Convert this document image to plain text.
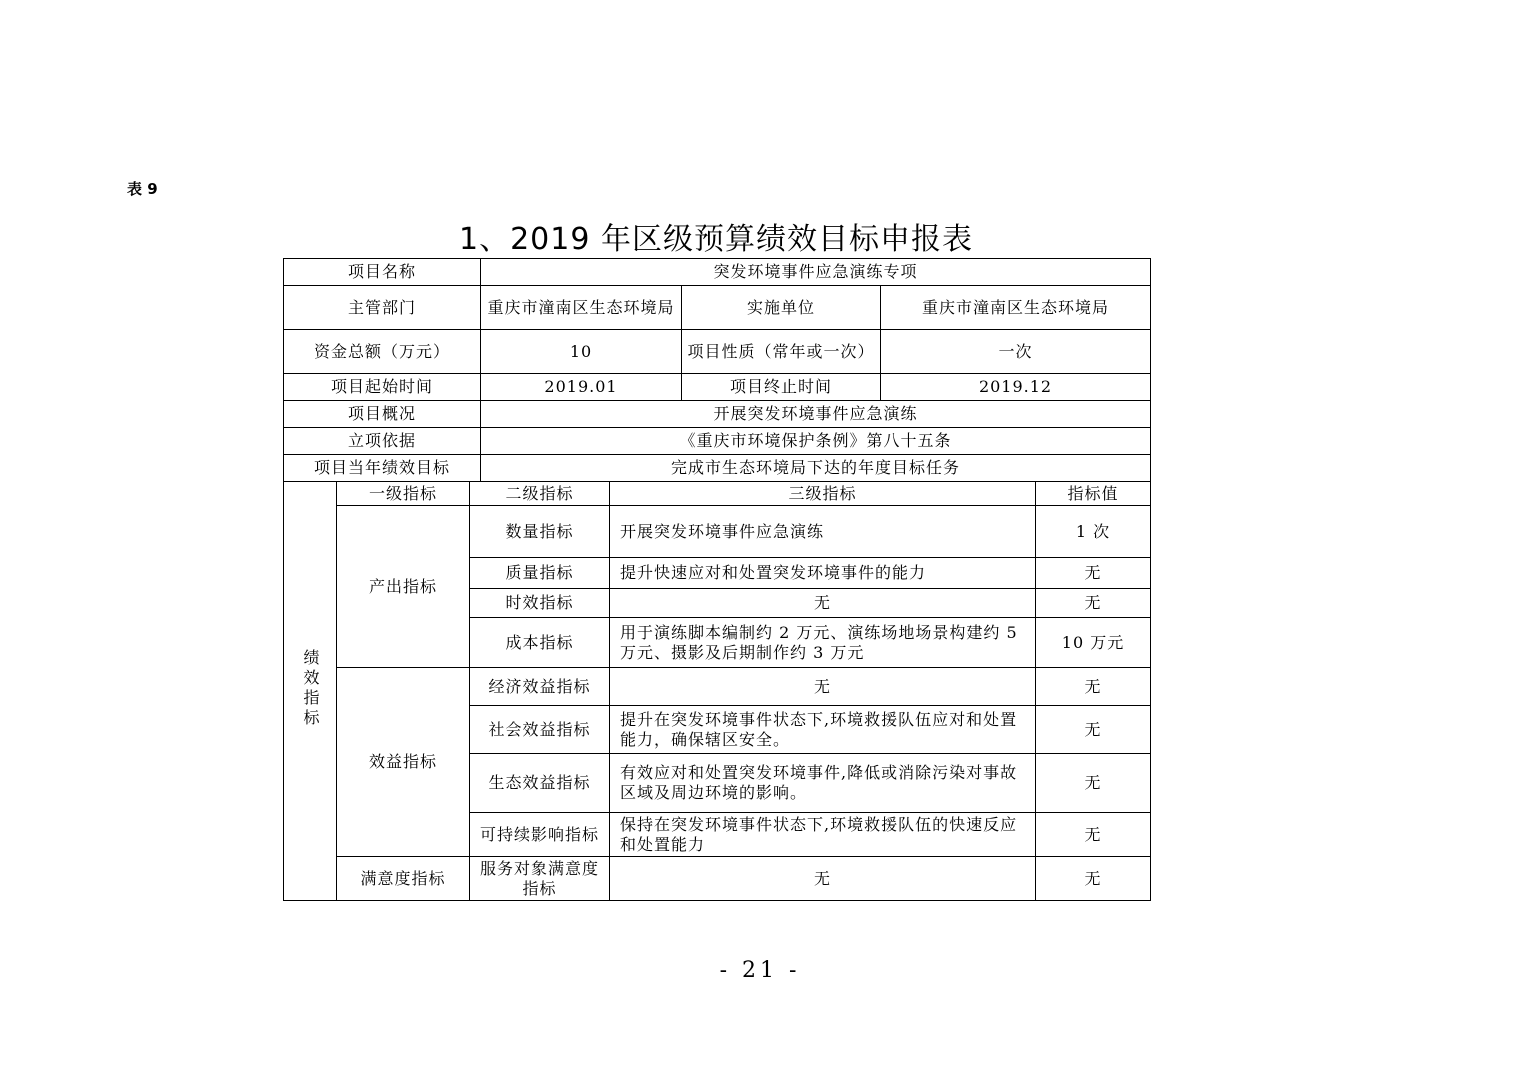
表 9
1、2019 年区级预算绩效目标申报表
项目名称			突发环境事件应急演练专项				
主管部门			重庆市潼南区生态环境局		实施单位	重庆市潼南区生态环境局	
资金总额（万元）			10		项目性质（常年或一次）	一次	
项目起始时间			2019.01		项目终止时间	2019.12	
项目概况			开展突发环境事件应急演练				
立项依据			《重庆市环境保护条例》第八十五条				
项目当年绩效目标			完成市生态环境局下达的年度目标任务				
绩效指标	一级指标	二级指标		三级指标			指标值
	产出指标	数量指标		开展突发环境事件应急演练			1 次
		质量指标		提升快速应对和处置突发环境事件的能力			无
		时效指标		无			无
		成本指标		用于演练脚本编制约 2 万元、演练场地场景构建约 5 万元、摄影及后期制作约 3 万元			10 万元
	效益指标	经济效益指标		无			无
		社会效益指标		提升在突发环境事件状态下,环境救援队伍应对和处置能力，确保辖区安全。			无
		生态效益指标		有效应对和处置突发环境事件,降低或消除污染对事故区域及周边环境的影响。			无
		可持续影响指标		保持在突发环境事件状态下,环境救援队伍的快速反应和处置能力			无
	满意度指标	服务对象满意度指标		无			无
- 21 -
